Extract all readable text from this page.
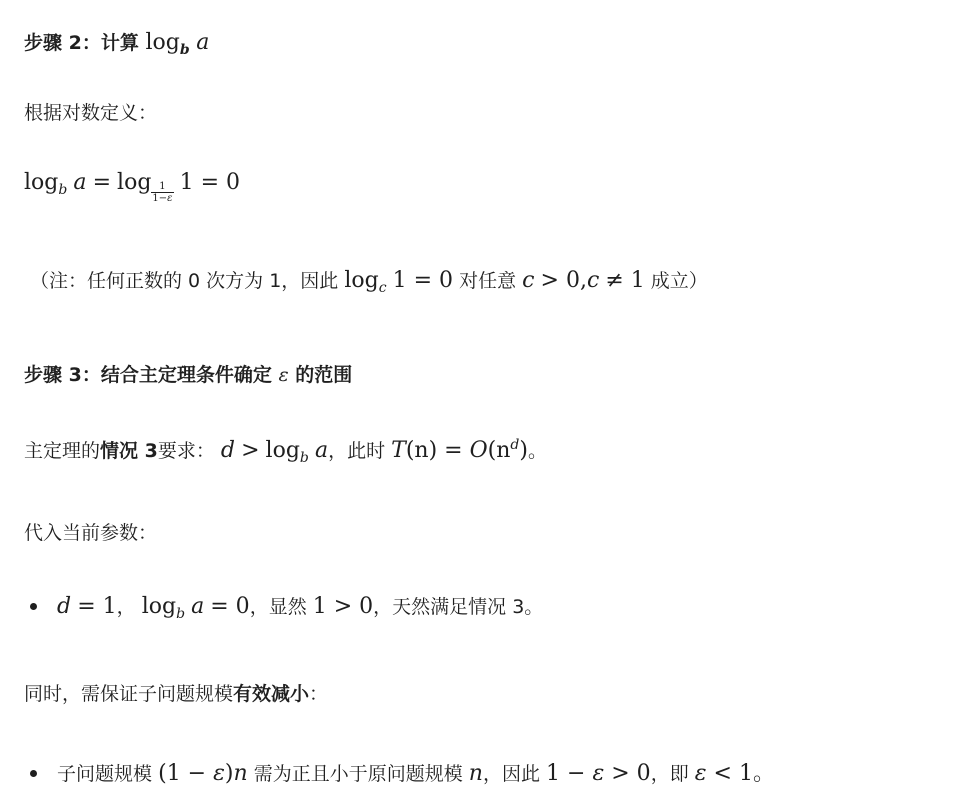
步骤 2：计算 $\log_b a$
根据对数定义：
$\log_b a = \log \frac{1}{1-\varepsilon} 1 = 0$
（注：任何正数的 0 次方为 1，因此 $\log_c 1 = 0$ 对任意 c > 0,c ≠ 1 成立）
步骤 3：结合主定理条件确定 ε 的范围
主定理的情况 3要求： $d > \log_b a$，此时 $T(n) = O(n^d)$。
代入当前参数：
d = 1， $\log_b a = 0$，显然 1 > 0，天然满足情况 3。
同时，需保证子问题规模有效减小：
子问题规模 (1 − ε)n 需为正且小于原问题规模 n，因此 1 − ε > 0，即 ε < 1。
